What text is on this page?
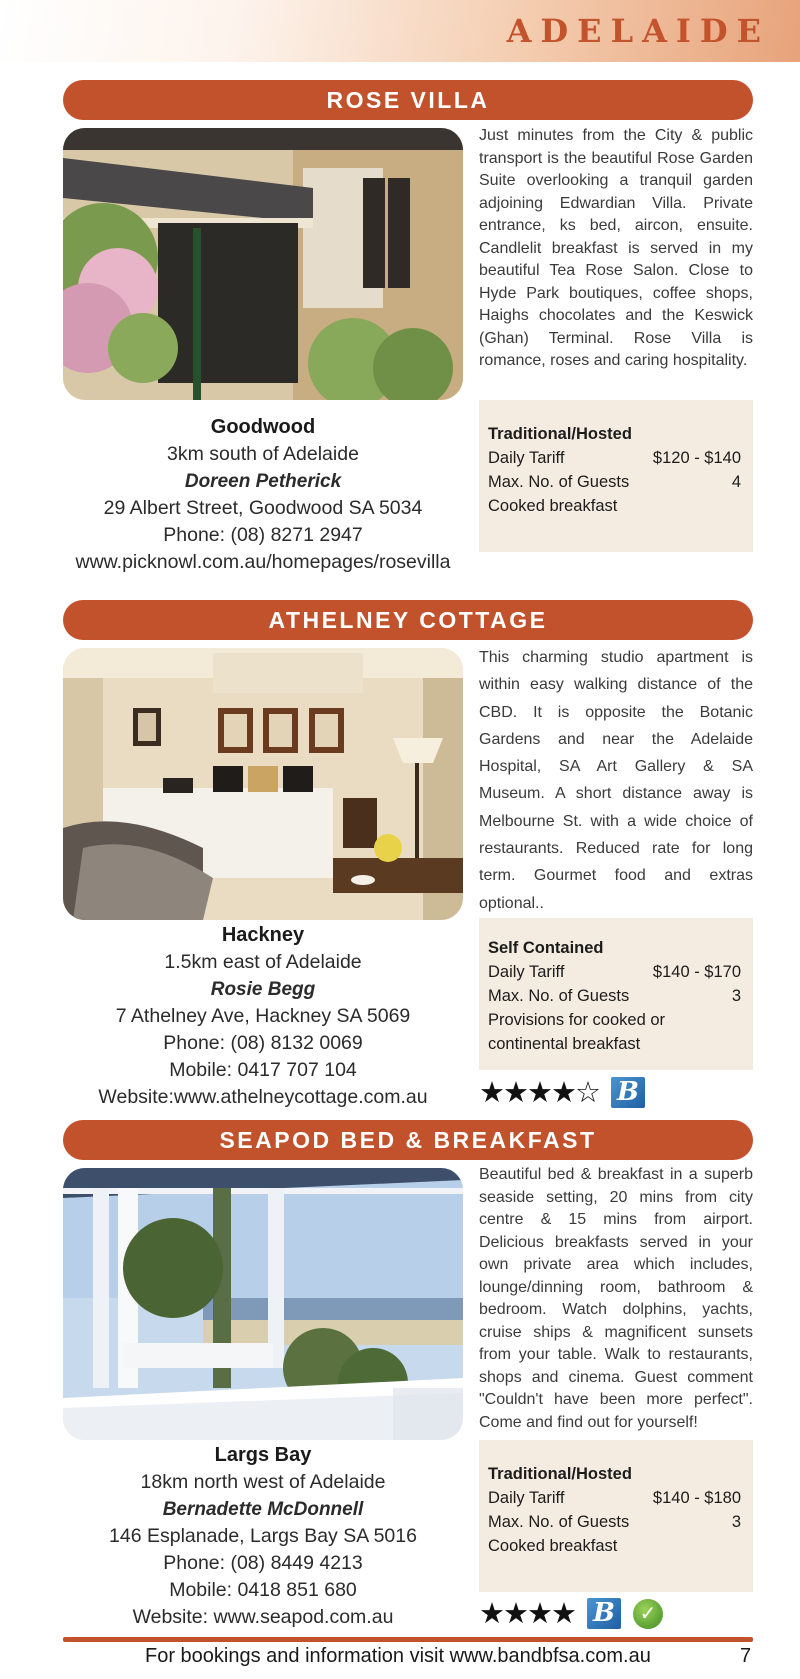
ADELAIDE
ROSE VILLA
Just minutes from the City & public transport is the beautiful Rose Garden Suite overlooking a tranquil garden adjoining Edwardian Villa. Private entrance, ks bed, aircon, ensuite. Candlelit breakfast is served in my beautiful Tea Rose Salon. Close to Hyde Park boutiques, coffee shops, Haighs chocolates and the Keswick (Ghan) Terminal. Rose Villa is romance, roses and caring hospitality.
Goodwood
3km south of Adelaide
Doreen Petherick
29 Albert Street, Goodwood SA 5034
Phone: (08) 8271 2947
www.picknowl.com.au/homepages/rosevilla
Traditional/Hosted
Daily Tariff	$120 - $140
Max. No. of Guests	4
Cooked breakfast
ATHELNEY COTTAGE
This charming studio apartment is within easy walking distance of the CBD. It is opposite the Botanic Gardens and near the Adelaide Hospital, SA Art Gallery & SA Museum. A short distance away is Melbourne St. with a wide choice of restaurants. Reduced rate for long term. Gourmet food and extras optional..
Hackney
1.5km east of Adelaide
Rosie Begg
7 Athelney Ave, Hackney SA 5069
Phone: (08) 8132 0069
Mobile: 0417 707 104
Website:www.athelneycottage.com.au
Self Contained
Daily Tariff	$140 - $170
Max. No. of Guests	3
Provisions for cooked or continental breakfast
★★★★☆ B
SEAPOD BED & BREAKFAST
Beautiful bed & breakfast in a superb seaside setting, 20 mins from city centre & 15 mins from airport. Delicious breakfasts served in your own private area which includes, lounge/dinning room, bathroom & bedroom. Watch dolphins, yachts, cruise ships & magnificent sunsets from your table. Walk to restaurants, shops and cinema. Guest comment "Couldn't have been more perfect". Come and find out for yourself!
Largs Bay
18km north west of Adelaide
Bernadette McDonnell
146 Esplanade, Largs Bay SA 5016
Phone: (08) 8449 4213
Mobile: 0418 851 680
Website: www.seapod.com.au
Traditional/Hosted
Daily Tariff	$140 - $180
Max. No. of Guests	3
Cooked breakfast
★★★★ B	✓
For bookings and information visit www.bandbfsa.com.au	7
